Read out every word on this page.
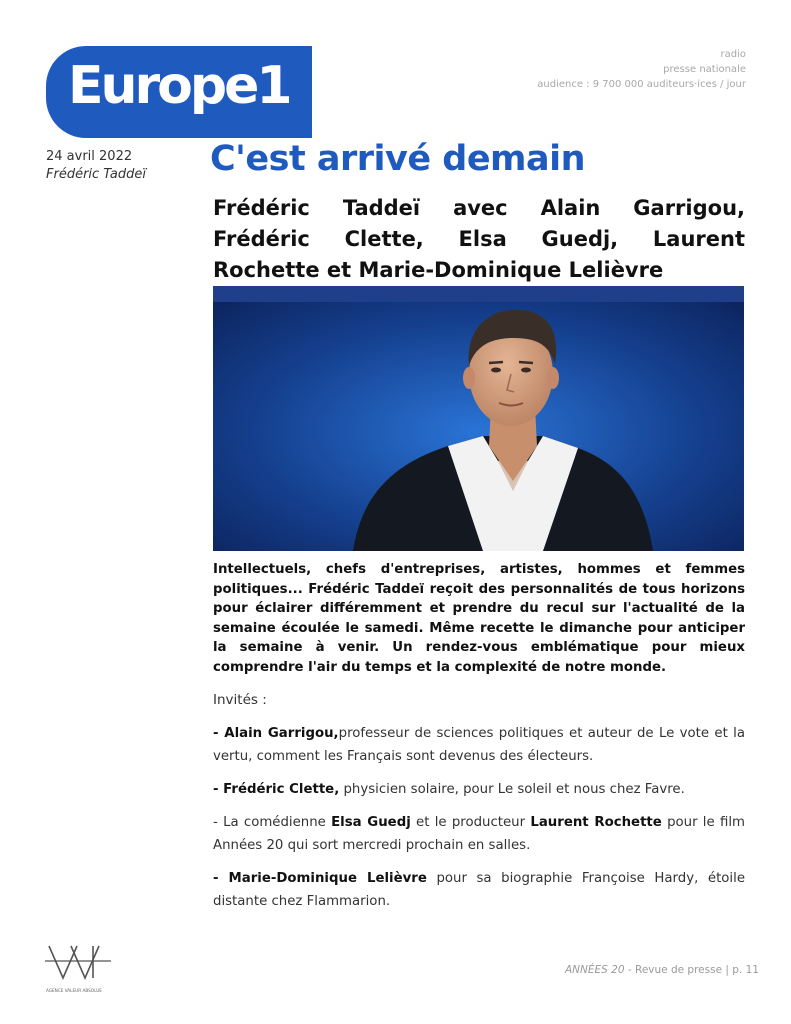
Europe1
radio
presse nationale
audience : 9 700 000 auditeurs·ices / jour
24 avril 2022
Frédéric Taddeï C'est arrivé demain
Frédéric Taddeï avec Alain Garrigou, Frédéric Clette, Elsa Guedj, Laurent Rochette et Marie-Dominique Lelièvre
Intellectuels, chefs d'entreprises, artistes, hommes et femmes politiques... Frédéric Taddeï reçoit des personnalités de tous horizons pour éclairer différemment et prendre du recul sur l'actualité de la semaine écoulée le samedi. Même recette le dimanche pour anticiper la semaine à venir. Un rendez-vous emblématique pour mieux comprendre l'air du temps et la complexité de notre monde.
Invités :
- Alain Garrigou,professeur de sciences politiques et auteur de Le vote et la vertu, comment les Français sont devenus des électeurs.
- Frédéric Clette, physicien solaire, pour Le soleil et nous chez Favre.
- La comédienne Elsa Guedj et le producteur Laurent Rochette pour le film Années 20 qui sort mercredi prochain en salles.
- Marie-Dominique Lelièvre pour sa biographie Françoise Hardy, étoile distante chez Flammarion.
AGENCE VALEUR ABSOLUE
ANNÉES 20 - Revue de presse | p. 11
